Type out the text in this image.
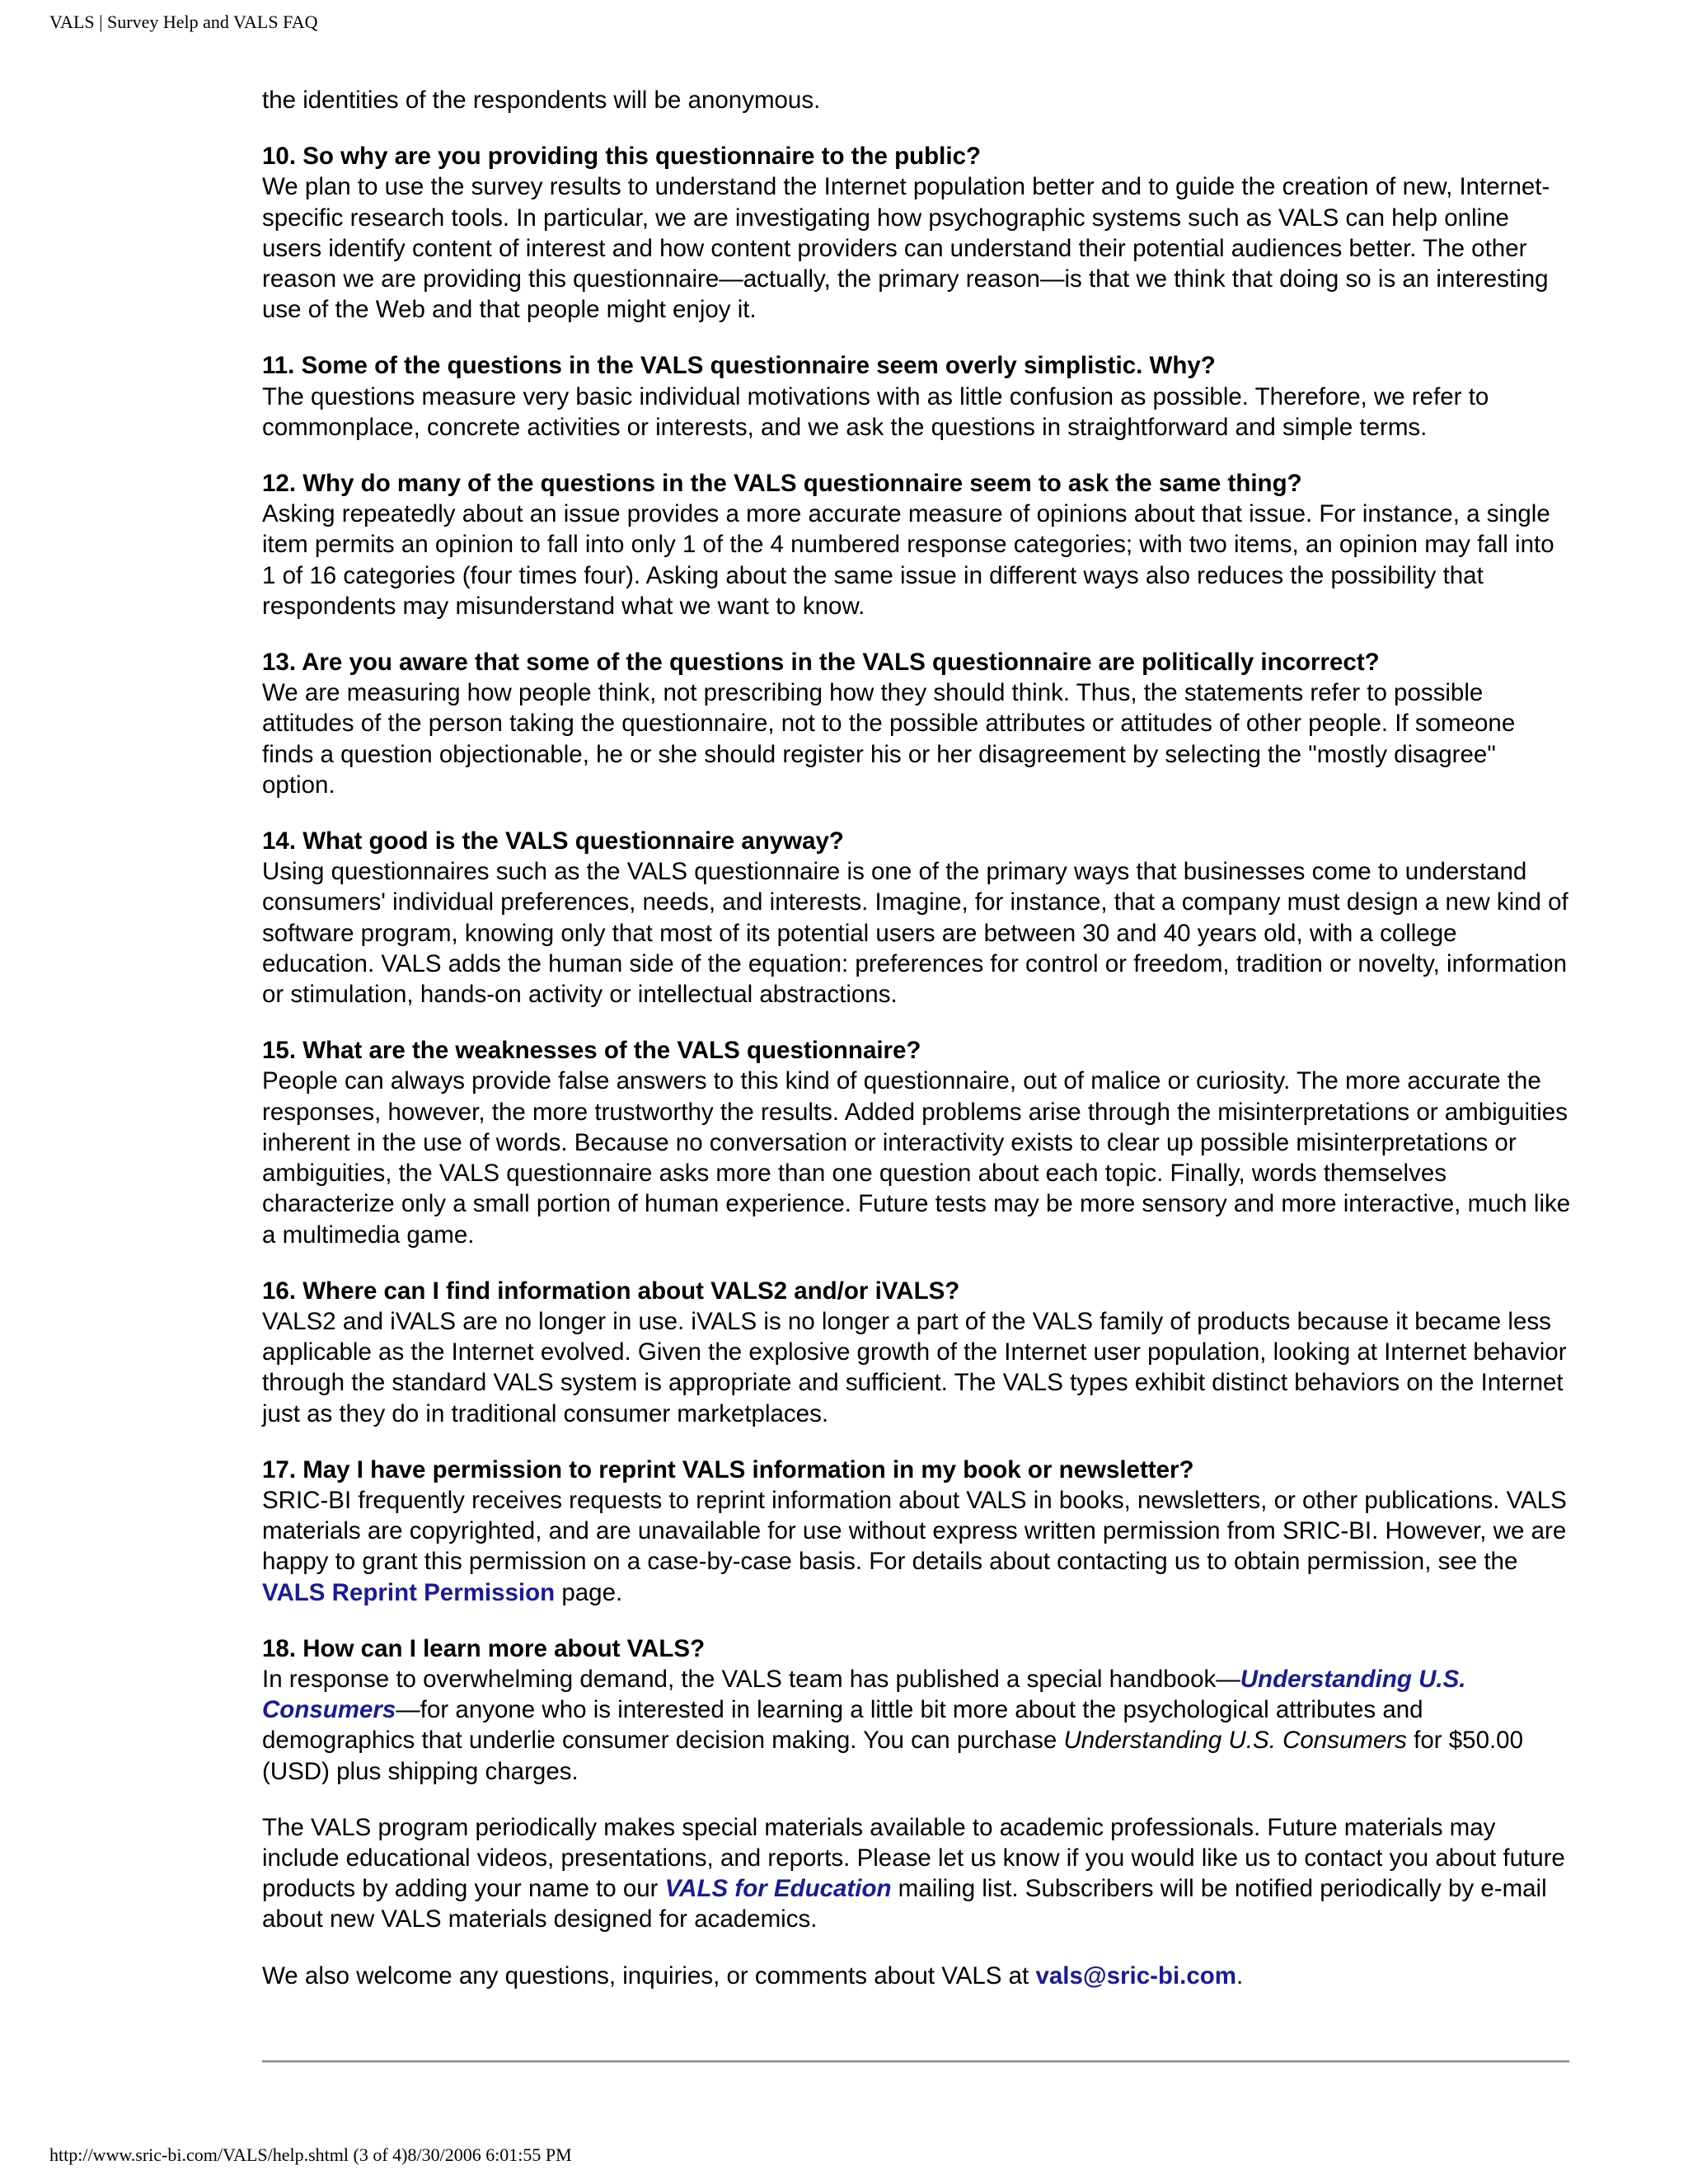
VALS | Survey Help and VALS FAQ

the identities of the respondents will be anonymous.

10. So why are you providing this questionnaire to the public?

We plan to use the survey results to understand the Internet population better and to guide the creation of new, Internet-specific research tools. In particular, we are investigating how psychographic systems such as VALS can help online users identify content of interest and how content providers can understand their potential audiences better. The other reason we are providing this questionnaire—actually, the primary reason—is that we think that doing so is an interesting use of the Web and that people might enjoy it.

11. Some of the questions in the VALS questionnaire seem overly simplistic. Why?

The questions measure very basic individual motivations with as little confusion as possible. Therefore, we refer to commonplace, concrete activities or interests, and we ask the questions in straightforward and simple terms.

12. Why do many of the questions in the VALS questionnaire seem to ask the same thing?

Asking repeatedly about an issue provides a more accurate measure of opinions about that issue. For instance, a single item permits an opinion to fall into only 1 of the 4 numbered response categories; with two items, an opinion may fall into 1 of 16 categories (four times four). Asking about the same issue in different ways also reduces the possibility that respondents may misunderstand what we want to know.

13. Are you aware that some of the questions in the VALS questionnaire are politically incorrect?

We are measuring how people think, not prescribing how they should think. Thus, the statements refer to possible attitudes of the person taking the questionnaire, not to the possible attributes or attitudes of other people. If someone finds a question objectionable, he or she should register his or her disagreement by selecting the "mostly disagree" option.

14. What good is the VALS questionnaire anyway?

Using questionnaires such as the VALS questionnaire is one of the primary ways that businesses come to understand consumers' individual preferences, needs, and interests. Imagine, for instance, that a company must design a new kind of software program, knowing only that most of its potential users are between 30 and 40 years old, with a college education. VALS adds the human side of the equation: preferences for control or freedom, tradition or novelty, information or stimulation, hands-on activity or intellectual abstractions.

15. What are the weaknesses of the VALS questionnaire?

People can always provide false answers to this kind of questionnaire, out of malice or curiosity. The more accurate the responses, however, the more trustworthy the results. Added problems arise through the misinterpretations or ambiguities inherent in the use of words. Because no conversation or interactivity exists to clear up possible misinterpretations or ambiguities, the VALS questionnaire asks more than one question about each topic. Finally, words themselves characterize only a small portion of human experience. Future tests may be more sensory and more interactive, much like a multimedia game.

16. Where can I find information about VALS2 and/or iVALS?

VALS2 and iVALS are no longer in use. iVALS is no longer a part of the VALS family of products because it became less applicable as the Internet evolved. Given the explosive growth of the Internet user population, looking at Internet behavior through the standard VALS system is appropriate and sufficient. The VALS types exhibit distinct behaviors on the Internet just as they do in traditional consumer marketplaces.

17. May I have permission to reprint VALS information in my book or newsletter?

SRIC-BI frequently receives requests to reprint information about VALS in books, newsletters, or other publications. VALS materials are copyrighted, and are unavailable for use without express written permission from SRIC-BI. However, we are happy to grant this permission on a case-by-case basis. For details about contacting us to obtain permission, see the VALS Reprint Permission page.

18. How can I learn more about VALS?

In response to overwhelming demand, the VALS team has published a special handbook—Understanding U.S. Consumers—for anyone who is interested in learning a little bit more about the psychological attributes and demographics that underlie consumer decision making. You can purchase Understanding U.S. Consumers for $50.00 (USD) plus shipping charges.

The VALS program periodically makes special materials available to academic professionals. Future materials may include educational videos, presentations, and reports. Please let us know if you would like us to contact you about future products by adding your name to our VALS for Education mailing list. Subscribers will be notified periodically by e-mail about new VALS materials designed for academics.

We also welcome any questions, inquiries, or comments about VALS at vals@sric-bi.com.

http://www.sric-bi.com/VALS/help.shtml (3 of 4)8/30/2006 6:01:55 PM
